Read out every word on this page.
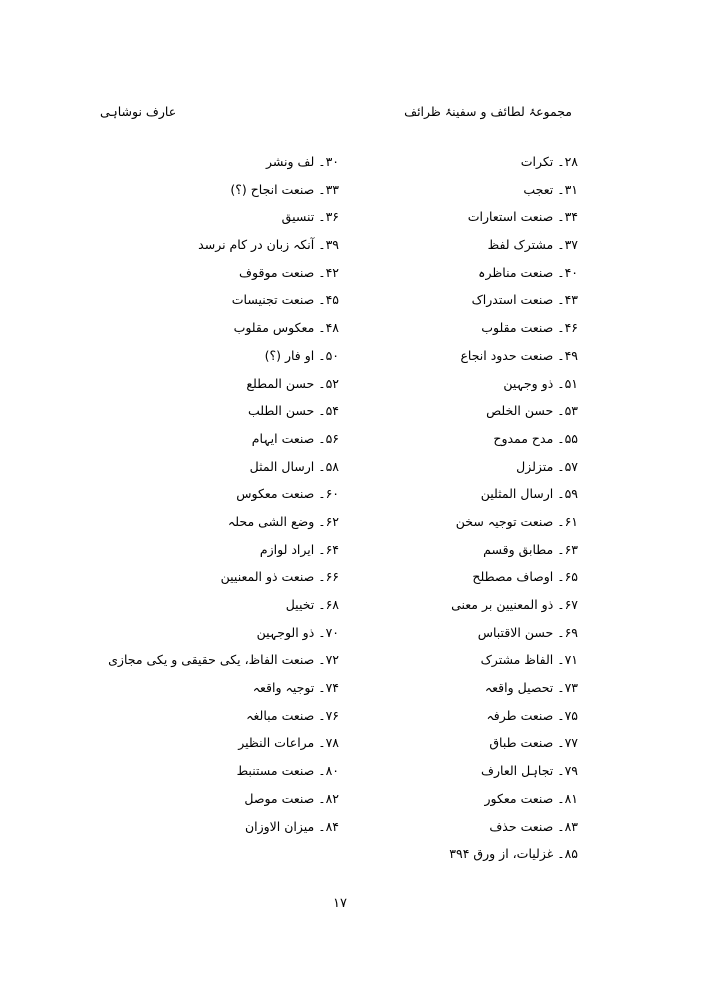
مجموعۂ لطائف و سفینۂ ظرائف
عارف نوشاہی
۲۸۔ تکرات
۳۱۔ تعجب
۳۴۔ صنعت استعارات
۳۷۔ مشترک لفظ
۴۰۔ صنعت مناظرہ
۴۳۔ صنعت استدراک
۴۶۔ صنعت مقلوب
۴۹۔ صنعت حدود انجاع
۵۱۔ ذو وجہین
۵۳۔ حسن الخلص
۵۵۔ مدح ممدوح
۵۷۔ متزلزل
۵۹۔ ارسال المثلین
۶۱۔ صنعت توجیہ سخن
۶۳۔ مطابق وقسم
۶۵۔ اوصاف مصطلح
۶۷۔ ذو المعنیین بر معنی
۶۹۔ حسن الاقتباس
۷۱۔ الفاظ مشترک
۷۳۔ تحصیل واقعہ
۷۵۔ صنعت طرفہ
۷۷۔ صنعت طباق
۷۹۔ تجاہل العارف
۸۱۔ صنعت معکور
۸۳۔ صنعت حذف
۸۵۔ غزلیات، از ورق ۳۹۴
۳۰۔ لف ونشر
۳۳۔ صنعت انجاح (؟)
۳۶۔ تنسیق
۳۹۔ آنکہ زبان در کام نرسد
۴۲۔ صنعت موقوف
۴۵۔ صنعت تجنیسات
۴۸۔ معکوس مقلوب
۵۰۔ او فار (؟)
۵۲۔ حسن المطلع
۵۴۔ حسن الطلب
۵۶۔ صنعت ایہام
۵۸۔ ارسال المثل
۶۰۔ صنعت معکوس
۶۲۔ وضع الشی محلہ
۶۴۔ ایراد لوازم
۶۶۔ صنعت ذو المعنیین
۶۸۔ تخییل
۷۰۔ ذو الوجہین
۷۲۔ صنعت الفاظ، یکی حقیقی و یکی مجازی
۷۴۔ توجیہ واقعہ
۷۶۔ صنعت مبالغہ
۷۸۔ مراعات النظیر
۸۰۔ صنعت مستنبط
۸۲۔ صنعت موصل
۸۴۔ میزان الاوزان
۱۷
